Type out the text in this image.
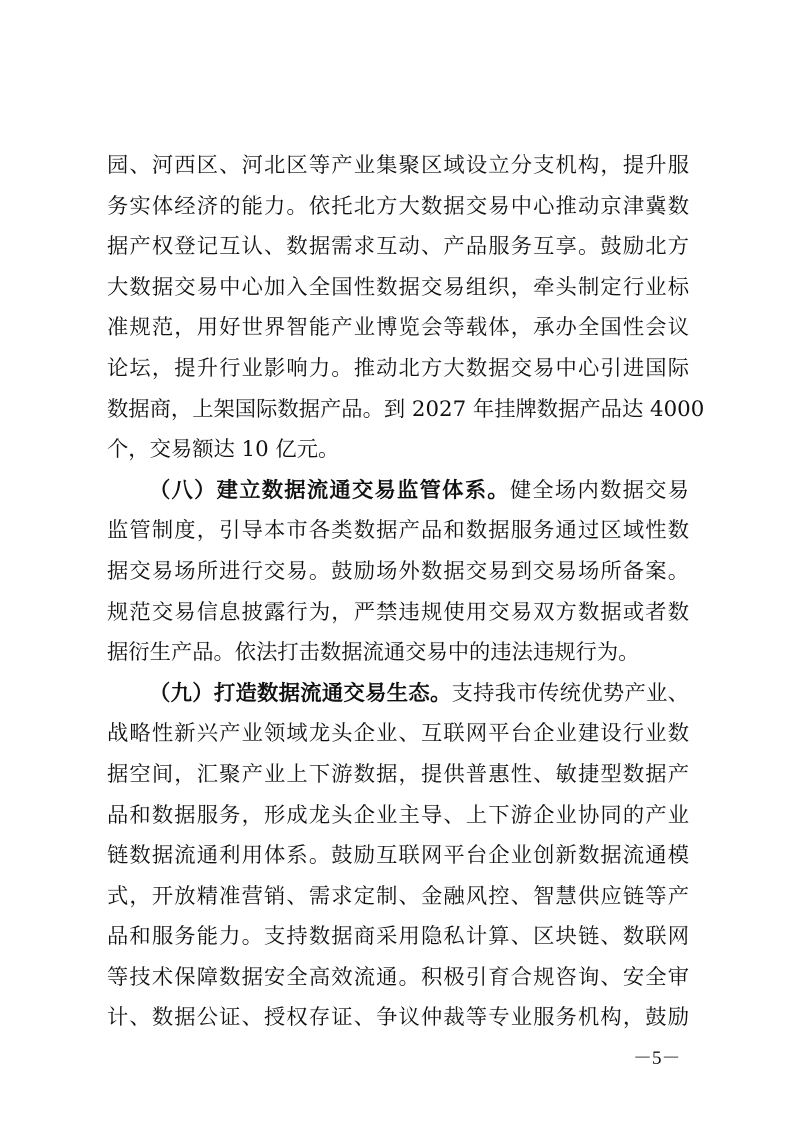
园、河西区、河北区等产业集聚区域设立分支机构，提升服
务实体经济的能力。依托北方大数据交易中心推动京津冀数
据产权登记互认、数据需求互动、产品服务互享。鼓励北方
大数据交易中心加入全国性数据交易组织，牵头制定行业标
准规范，用好世界智能产业博览会等载体，承办全国性会议
论坛，提升行业影响力。推动北方大数据交易中心引进国际
数据商，上架国际数据产品。到 2027 年挂牌数据产品达 4000
个，交易额达 10 亿元。
（八）建立数据流通交易监管体系。健全场内数据交易
监管制度，引导本市各类数据产品和数据服务通过区域性数
据交易场所进行交易。鼓励场外数据交易到交易场所备案。
规范交易信息披露行为，严禁违规使用交易双方数据或者数
据衍生产品。依法打击数据流通交易中的违法违规行为。
（九）打造数据流通交易生态。支持我市传统优势产业、
战略性新兴产业领域龙头企业、互联网平台企业建设行业数
据空间，汇聚产业上下游数据，提供普惠性、敏捷型数据产
品和数据服务，形成龙头企业主导、上下游企业协同的产业
链数据流通利用体系。鼓励互联网平台企业创新数据流通模
式，开放精准营销、需求定制、金融风控、智慧供应链等产
品和服务能力。支持数据商采用隐私计算、区块链、数联网
等技术保障数据安全高效流通。积极引育合规咨询、安全审
计、数据公证、授权存证、争议仲裁等专业服务机构，鼓励
－5－
